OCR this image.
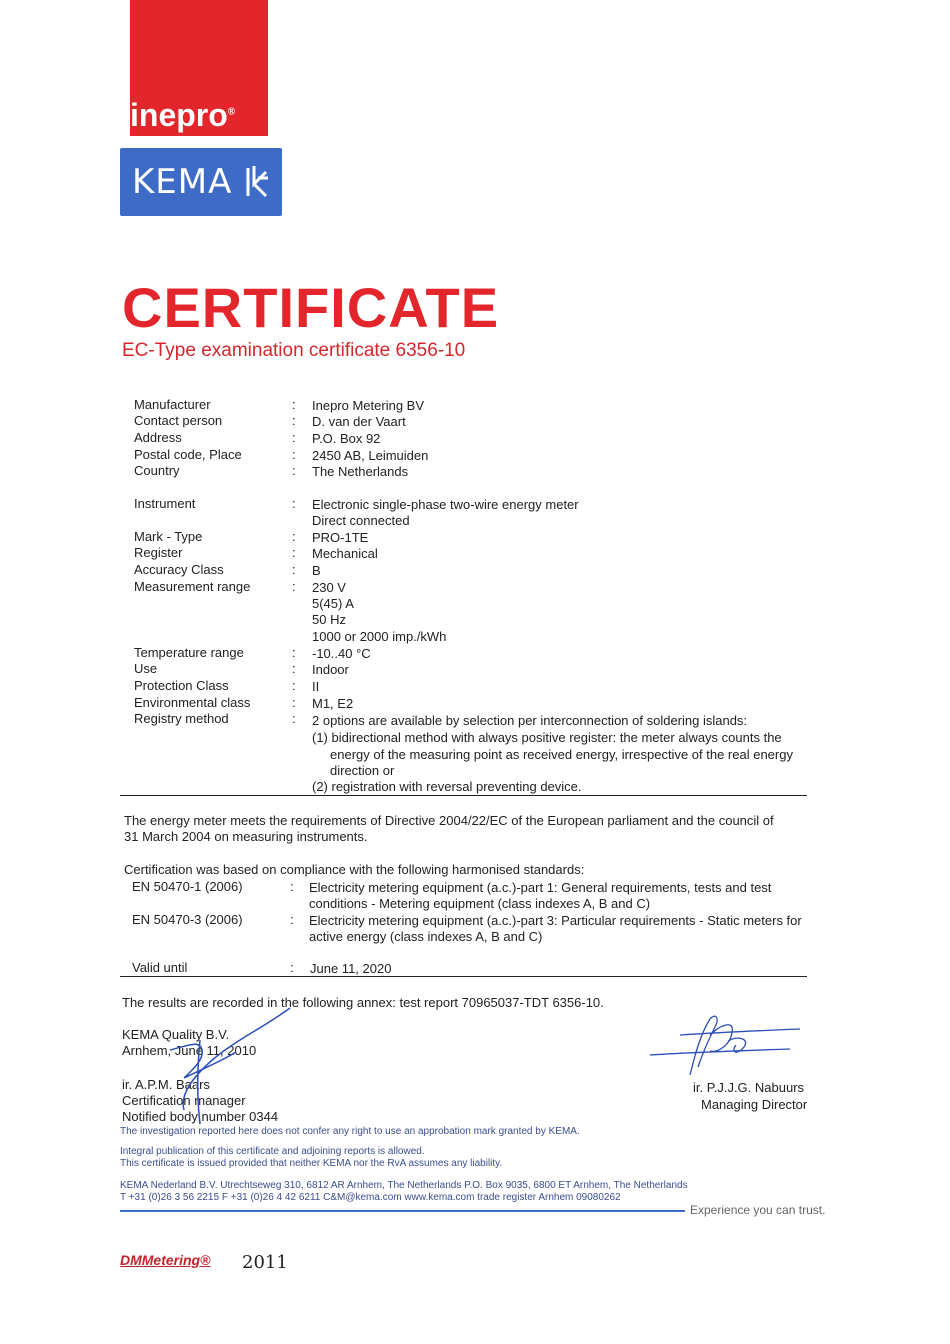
inepro®
KEMA
CERTIFICATE
EC-Type examination certificate 6356-10
Manufacturer	: Inepro Metering BV
Contact person	: D. van der Vaart
Address	: P.O. Box 92
Postal code, Place	: 2450 AB, Leimuiden
Country	: The Netherlands
Instrument	: Electronic single-phase two-wire energy meter
Direct connected
Mark - Type	: PRO-1TE
Register	: Mechanical
Accuracy Class	: B
Measurement range	: 230 V
5(45) A
50 Hz
1000 or 2000 imp./kWh
Temperature range	: -10..40 °C
Use	: Indoor
Protection Class	: II
Environmental class	: M1, E2
Registry method	: 2 options are available by selection per interconnection of soldering islands:
(1) bidirectional method with always positive register: the meter always counts the
energy of the measuring point as received energy, irrespective of the real energy
direction or
(2) registration with reversal preventing device.
The energy meter meets the requirements of Directive 2004/22/EC of the European parliament and the council of
31 March 2004 on measuring instruments.
Certification was based on compliance with the following harmonised standards:
EN 50470-1 (2006)	: Electricity metering equipment (a.c.)-part 1: General requirements, tests and test
conditions - Metering equipment (class indexes A, B and C)
EN 50470-3 (2006)	: Electricity metering equipment (a.c.)-part 3: Particular requirements - Static meters for
active energy (class indexes A, B and C)
Valid until	: June 11, 2020
The results are recorded in the following annex: test report 70965037-TDT 6356-10.
KEMA Quality B.V.
Arnhem, June 11, 2010
ir. A.P.M. Baars
Certification manager
Notified body number 0344
ir. P.J.J.G. Nabuurs
Managing Director
The investigation reported here does not confer any right to use an approbation mark granted by KEMA.
Integral publication of this certificate and adjoining reports is allowed.
This certificate is issued provided that neither KEMA nor the RvA assumes any liability.
KEMA Nederland B.V. Utrechtseweg 310, 6812 AR Arnhem, The Netherlands P.O. Box 9035, 6800 ET Arnhem, The Netherlands
T +31 (0)26 3 56 2215 F +31 (0)26 4 42 6211 C&M@kema.com www.kema.com trade register Arnhem 09080262
Experience you can trust.
DMMetering® 2011
